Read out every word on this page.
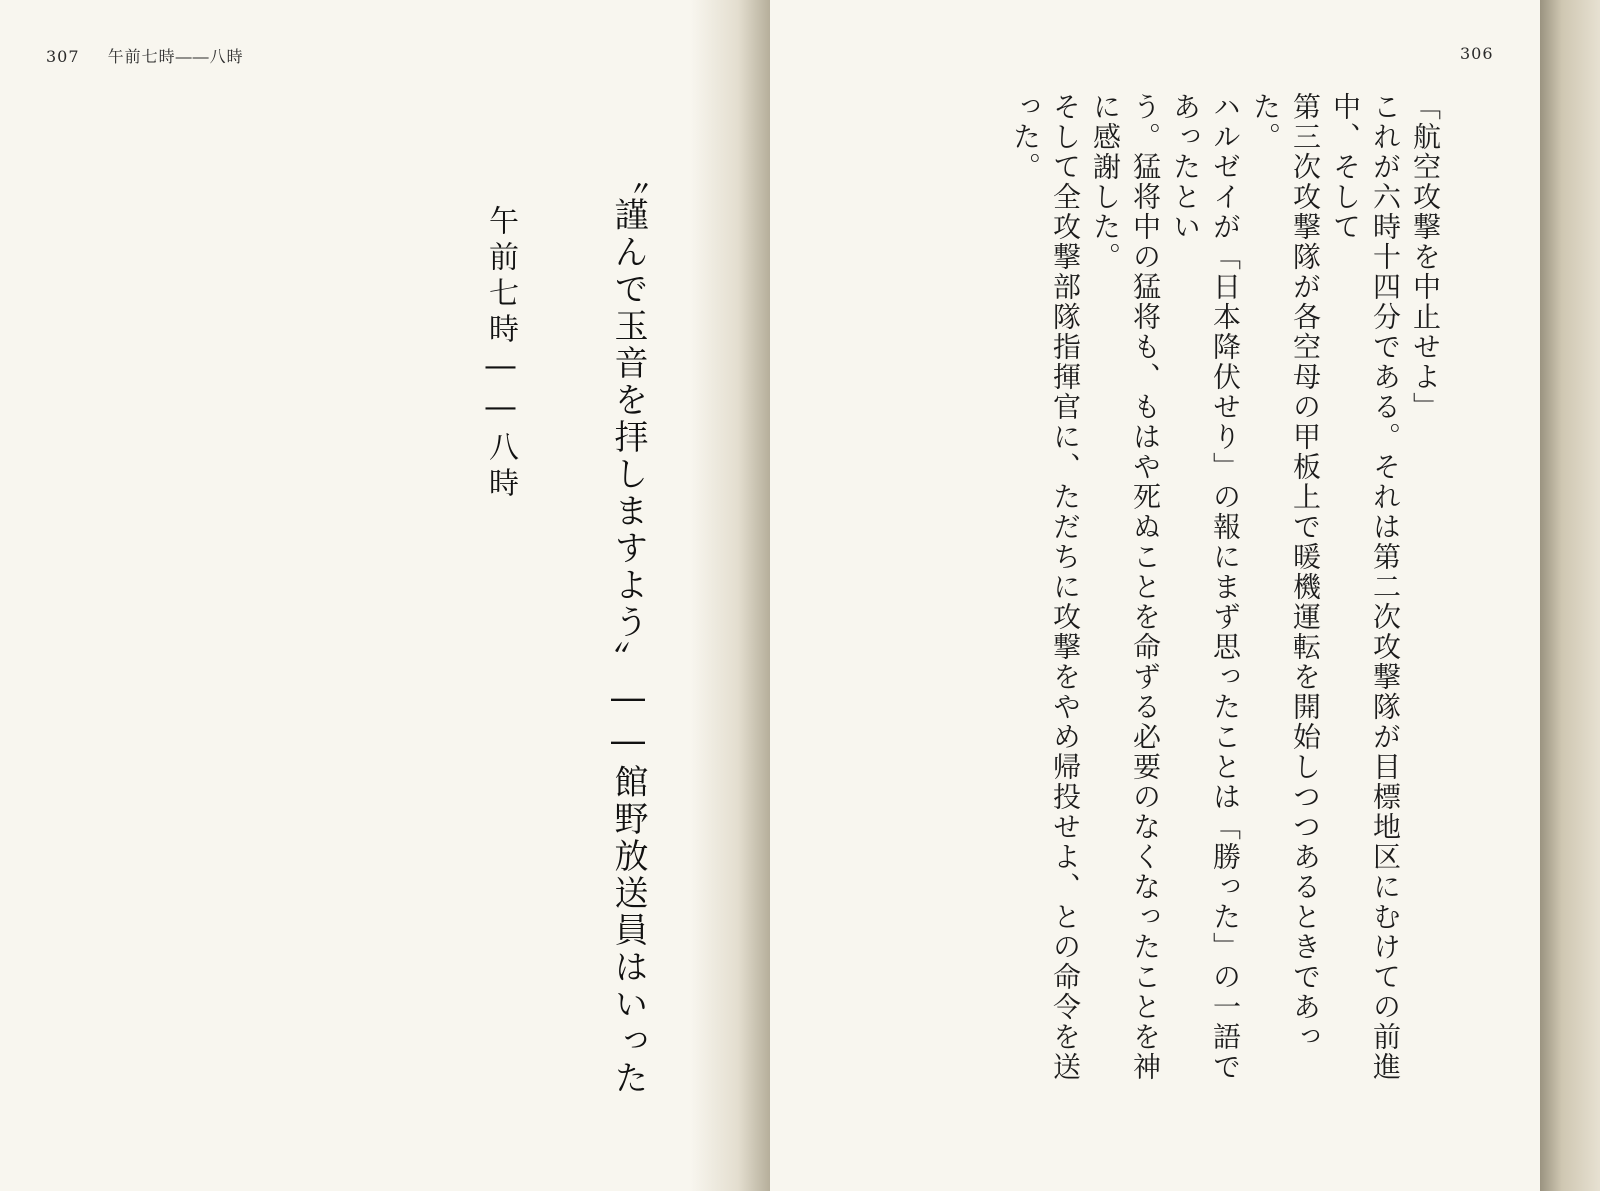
307 午前七時――八時
〝謹んで玉音を拝しますよう〟――館野放送員はいった
午前七時――八時
306
「航空攻撃を中止せよ」
これが六時十四分である。それは第二次攻撃隊が目標地区にむけての前進中、そして
第三次攻撃隊が各空母の甲板上で暖機運転を開始しつつあるときであった。
ハルゼイが「日本降伏せり」の報にまず思ったことは「勝った」の一語であったとい
う。猛将中の猛将も、もはや死ぬことを命ずる必要のなくなったことを神に感謝した。
そして全攻撃部隊指揮官に、ただちに攻撃をやめ帰投せよ、との命令を送った。
